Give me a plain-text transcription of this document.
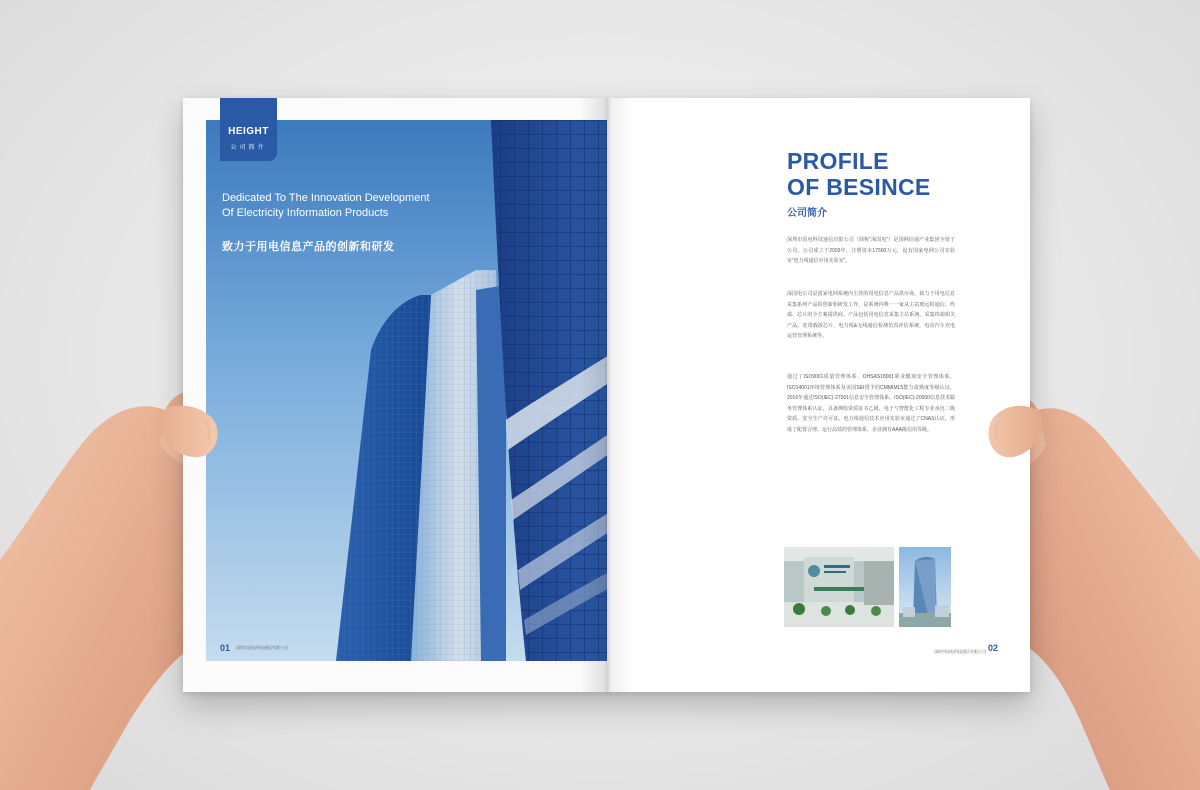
HEIGHT
公司简介
Dedicated To The Innovation Development Of Electricity Information Products
致力于用电信息产品的创新和研发
01 深圳市国电科技通信有限公司
PROFILE
OF BESINCE
公司简介
深圳市国电科技通信有限公司（简称“深国电”）是国网信通产业集团全资子公司，公司成立于2003年，注册资本17500万元，设有国家电网公司实验室“电力线通信应用实验室”。
深国电公司是国家电网系统内主营的用电信息产品供应商，致力于用电信息采集系列产品的创新和研发工作，是系统内唯一一家从主站到远程通信、终端、芯片的全方案提供商。产品包括用电信息采集主站系统、采集终端相关产品、宽带载波芯片、电力线&无线通信检测仿真评估系统、电动汽车充电运营管理系统等。
通过了ISO9001质量管理体系、OHSAS18001职业健康安全管理体系、ISO14001环境管理体系及美国SEI授予的CMMIML5能力成熟度等级认证，2016年通过ISO(IEC)-27001信息安全管理体系、ISO(IEC)-20000信息技术服务管理体系认证，具备测绘资质证书乙级、电子与智能化工程专业承包二级资质、安全生产许可证。电力线通信技术应用实验室通过了CNAS认证，形成了配置合理、运行高效的管理体系，企业拥有AAA级信用等级。
深圳市国电科技通信有限公司 02
